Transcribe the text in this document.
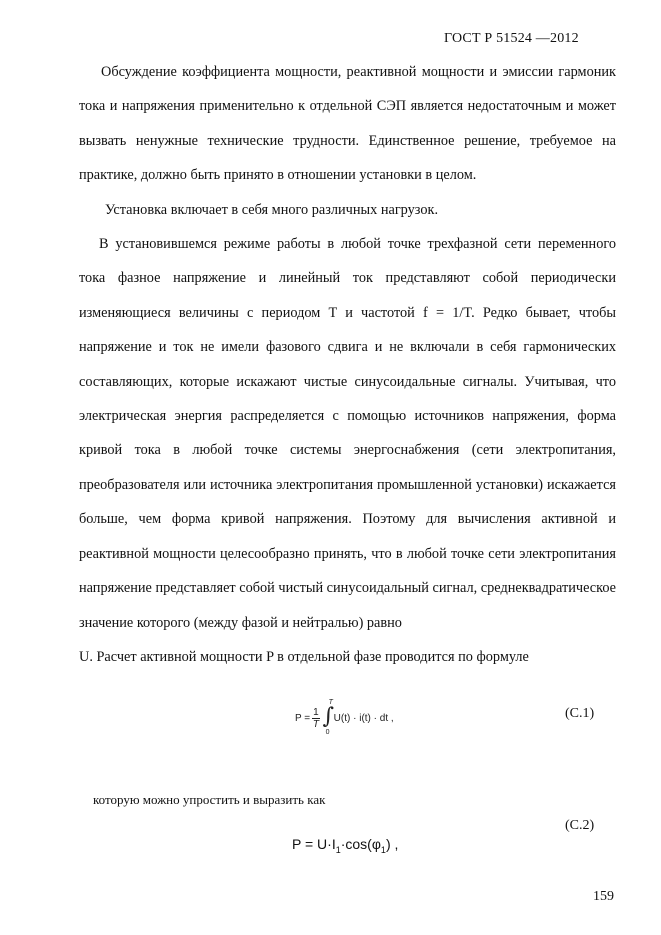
ГОСТ Р 51524 —2012

Обсуждение коэффициента мощности, реактивной мощности и эмиссии гармоник тока и напряжения применительно к отдельной СЭП является недостаточным и может вызвать ненужные технические трудности. Единственное решение, требуемое на практике, должно быть принято в отношении установки в целом.

Установка включает в себя много различных нагрузок.

В установившемся режиме работы в любой точке трехфазной сети переменного тока фазное напряжение и линейный ток представляют собой периодически изменяющиеся величины с периодом T и частотой f = 1/T. Редко бывает, чтобы напряжение и ток не имели фазового сдвига и не включали в себя гармонических составляющих, которые искажают чистые синусоидальные сигналы. Учитывая, что электрическая энергия распределяется с помощью источников напряжения, форма кривой тока в любой точке системы энергоснабжения (сети электропитания, преобразователя или источника электропитания промышленной установки) искажается больше, чем форма кривой напряжения. Поэтому для вычисления активной и реактивной мощности целесообразно принять, что в любой точке сети электропитания напряжение представляет собой чистый синусоидальный сигнал, среднеквадратическое значение которого (между фазой и нейтралью) равно

U. Расчет активной мощности P в отдельной фазе проводится по формуле

$P = \frac{1}{T}$ ∫
T
0
U(t) · i(t) · dt ,	(С.1)
которую можно упростить и выразить как
(С.2)
$P = U\cdot I_1\cdot\cos(\varphi_1)$ ,
159
